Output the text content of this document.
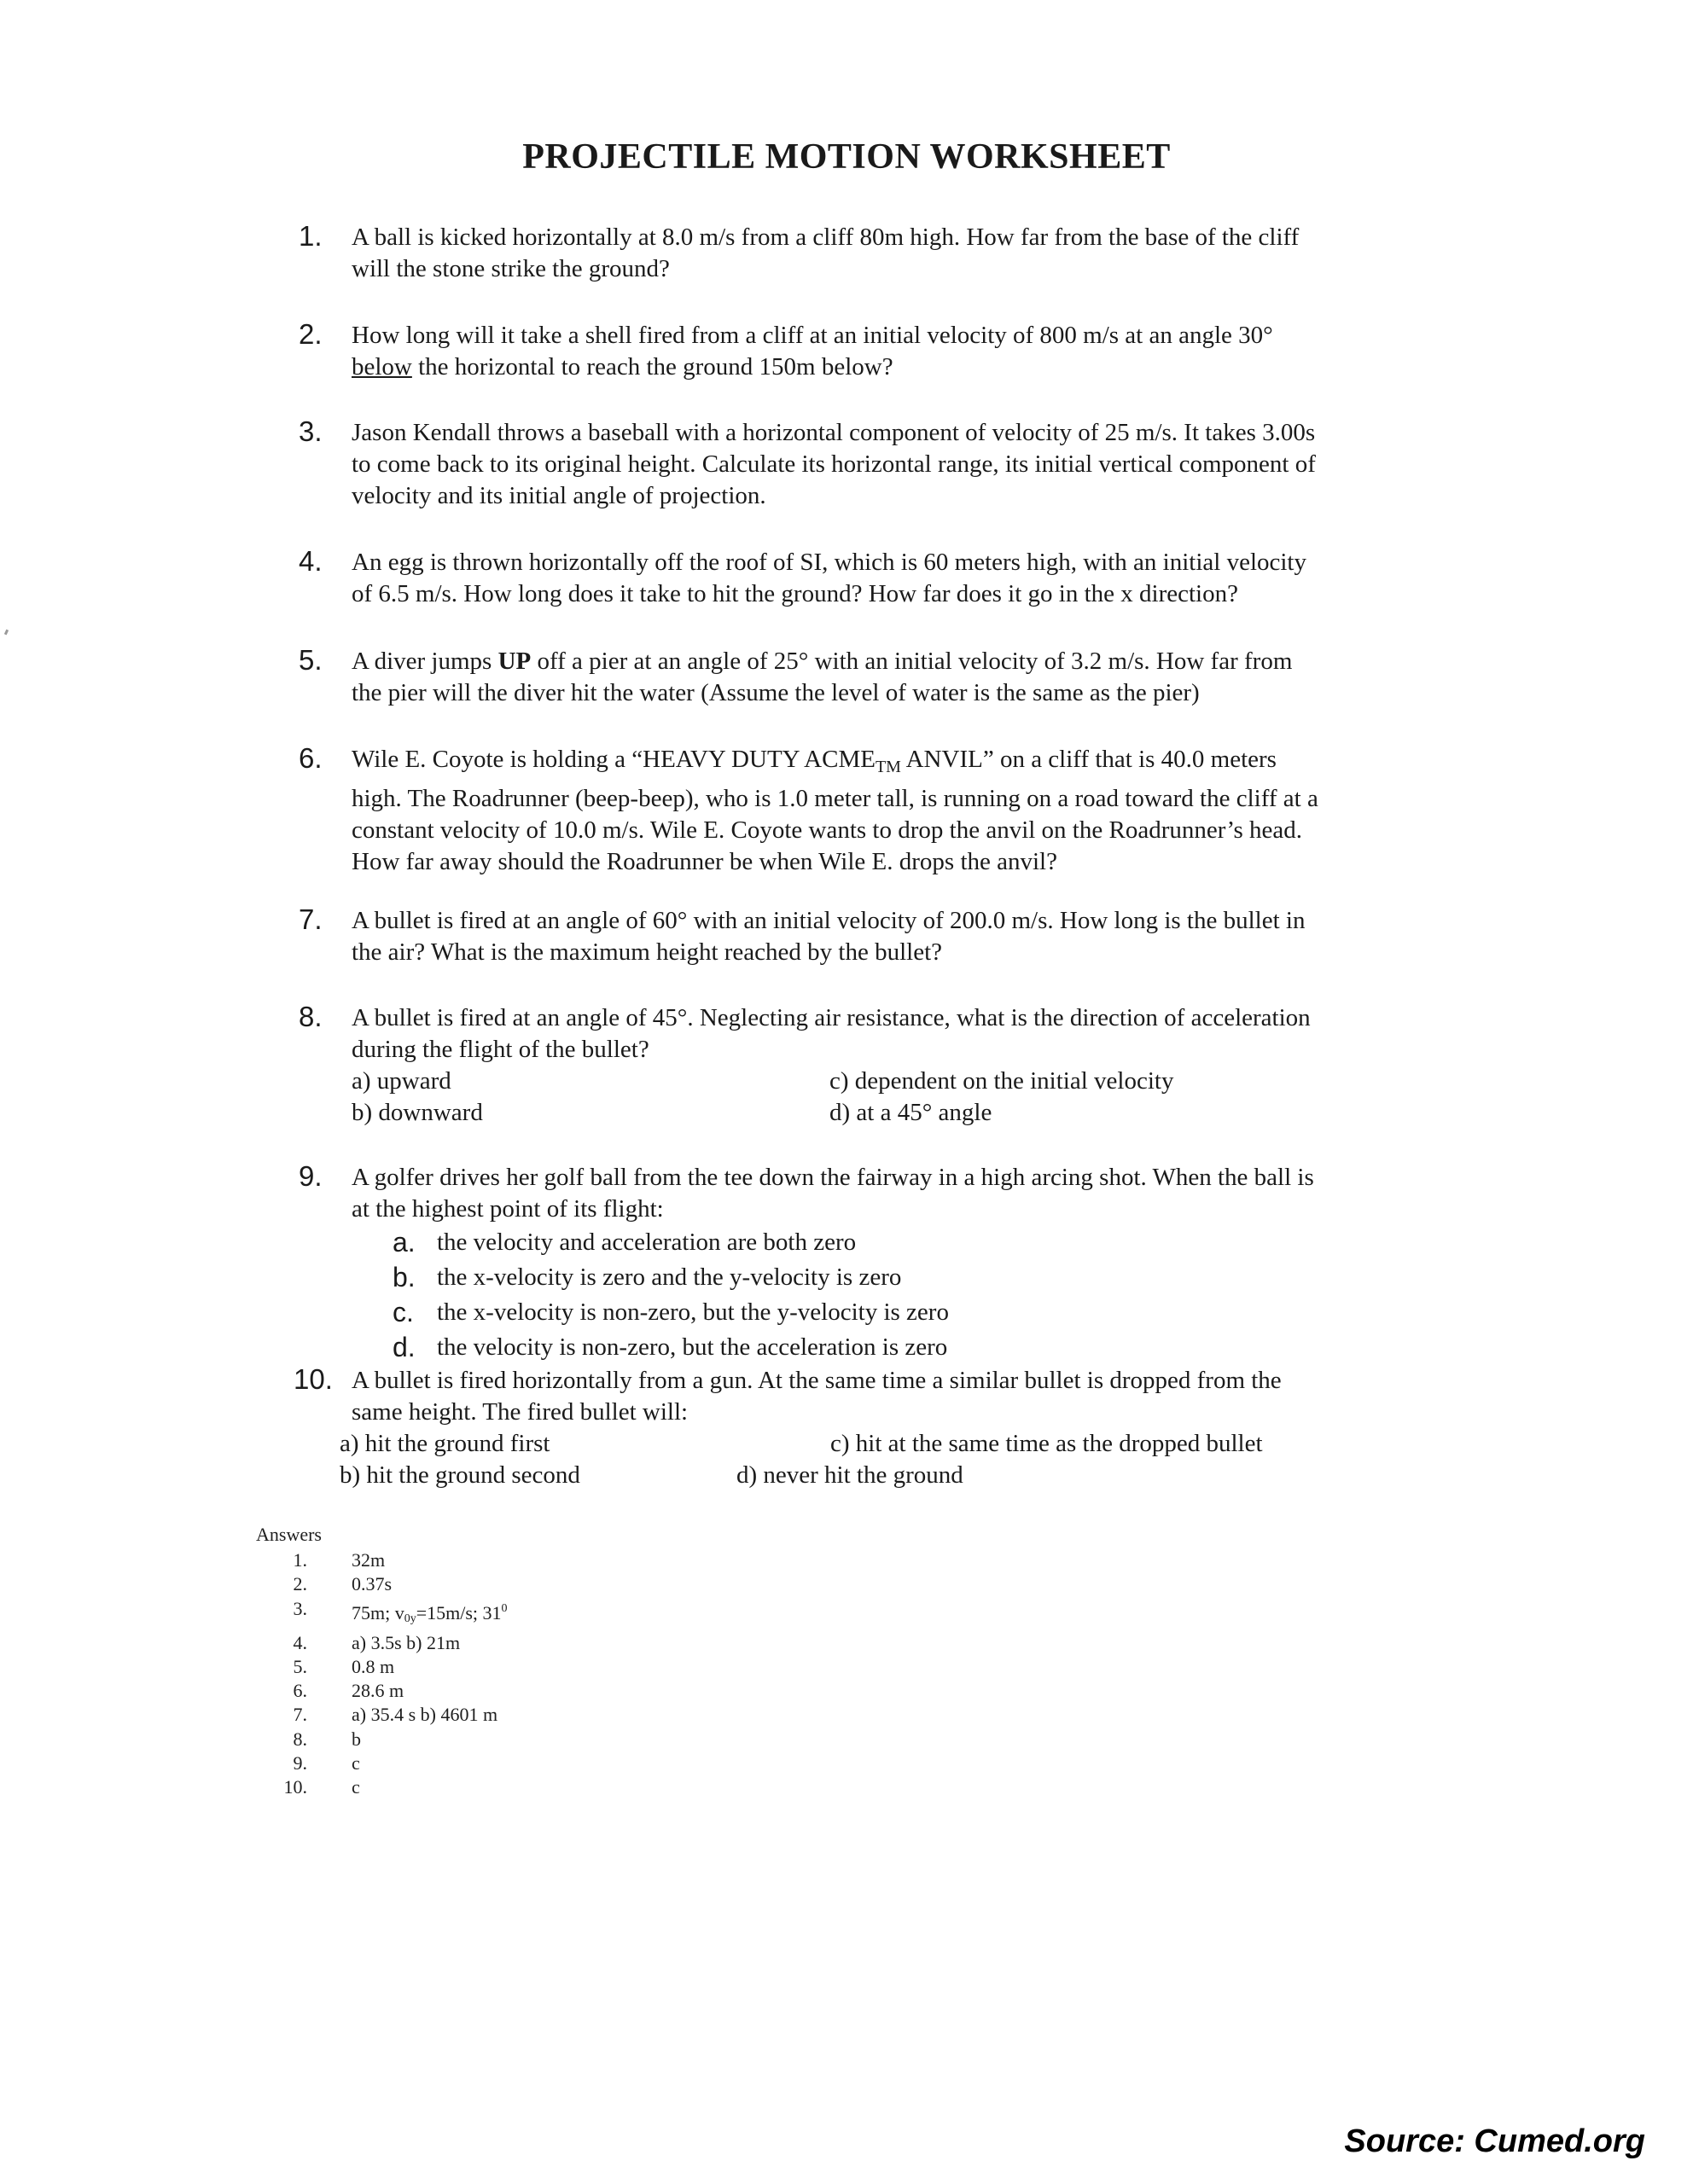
PROJECTILE MOTION WORKSHEET
1. A ball is kicked horizontally at 8.0 m/s from a cliff 80m high. How far from the base of the cliff

will the stone strike the ground?

2. How long will it take a shell fired from a cliff at an initial velocity of 800 m/s at an angle 30°

below the horizontal to reach the ground 150m below?

3. Jason Kendall throws a baseball with a horizontal component of velocity of 25 m/s. It takes 3.00s

to come back to its original height. Calculate its horizontal range, its initial vertical component of

velocity and its initial angle of projection.

4. An egg is thrown horizontally off the roof of SI, which is 60 meters high, with an initial velocity

of 6.5 m/s. How long does it take to hit the ground? How far does it go in the x direction?

5. A diver jumps UP off a pier at an angle of 25° with an initial velocity of 3.2 m/s. How far from

the pier will the diver hit the water (Assume the level of water is the same as the pier)

6. Wile E. Coyote is holding a “HEAVY DUTY $ACME_{TM}$ ANVIL” on a cliff that is 40.0 meters

high. The Roadrunner (beep-beep), who is 1.0 meter tall, is running on a road toward the cliff at a

constant velocity of 10.0 m/s. Wile E. Coyote wants to drop the anvil on the Roadrunner’s head.

How far away should the Roadrunner be when Wile E. drops the anvil?

7. A bullet is fired at an angle of 60° with an initial velocity of 200.0 m/s. How long is the bullet in

the air? What is the maximum height reached by the bullet?

8. A bullet is fired at an angle of 45°. Neglecting air resistance, what is the direction of acceleration

during the flight of the bullet?

a) upward	c) dependent on the initial velocity
b) downward	d) at a 45° angle
9. A golfer drives her golf ball from the tee down the fairway in a high arcing shot. When the ball is

at the highest point of its flight:

a. the velocity and acceleration are both zero
b. the x-velocity is zero and the y-velocity is zero
c. the x-velocity is non-zero, but the y-velocity is zero
d. the velocity is non-zero, but the acceleration is zero
10. A bullet is fired horizontally from a gun. At the same time a similar bullet is dropped from the

same height. The fired bullet will:

a) hit the ground first	c) hit at the same time as the dropped bullet
b) hit the ground second	d) never hit the ground
Answers
1.	32m
2.	0.37s
3.	75m; v0y=15m/s; $31^0$
4.	a) 3.5s b) 21m
5.	0.8 m
6.	28.6 m
7.	a) 35.4 s b) 4601 m
8.	b
9.	c
10.	c
Source: Cumed.org
